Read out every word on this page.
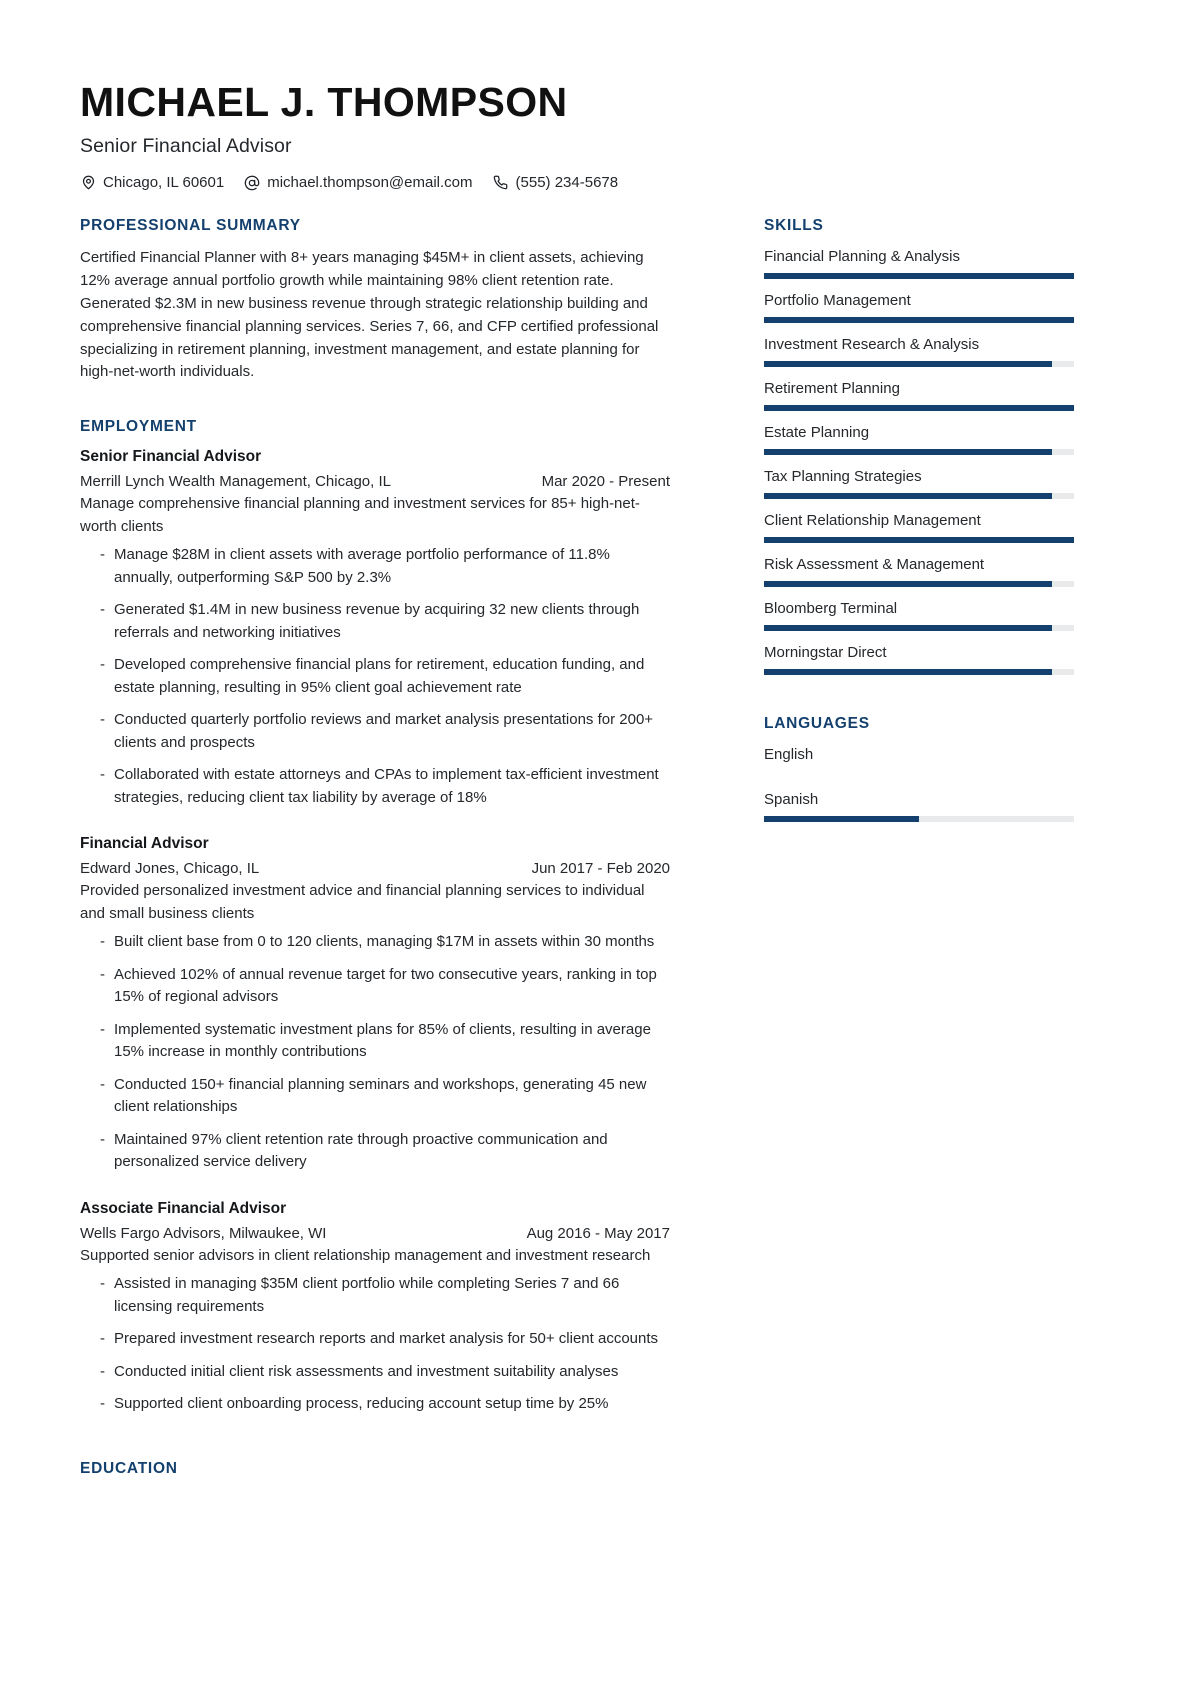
MICHAEL J. THOMPSON
Senior Financial Advisor
Chicago, IL 60601	michael.thompson@email.com	(555) 234-5678
PROFESSIONAL SUMMARY
Certified Financial Planner with 8+ years managing $45M+ in client assets, achieving 12% average annual portfolio growth while maintaining 98% client retention rate. Generated $2.3M in new business revenue through strategic relationship building and comprehensive financial planning services. Series 7, 66, and CFP certified professional specializing in retirement planning, investment management, and estate planning for high-net-worth individuals.
EMPLOYMENT
Senior Financial Advisor
Merrill Lynch Wealth Management, Chicago, IL	Mar 2020 - Present
Manage comprehensive financial planning and investment services for 85+ high-net-worth clients
- Manage $28M in client assets with average portfolio performance of 11.8% annually, outperforming S&P 500 by 2.3%
- Generated $1.4M in new business revenue by acquiring 32 new clients through referrals and networking initiatives
- Developed comprehensive financial plans for retirement, education funding, and estate planning, resulting in 95% client goal achievement rate
- Conducted quarterly portfolio reviews and market analysis presentations for 200+ clients and prospects
- Collaborated with estate attorneys and CPAs to implement tax-efficient investment strategies, reducing client tax liability by average of 18%
Financial Advisor
Edward Jones, Chicago, IL	Jun 2017 - Feb 2020
Provided personalized investment advice and financial planning services to individual and small business clients
- Built client base from 0 to 120 clients, managing $17M in assets within 30 months
- Achieved 102% of annual revenue target for two consecutive years, ranking in top 15% of regional advisors
- Implemented systematic investment plans for 85% of clients, resulting in average 15% increase in monthly contributions
- Conducted 150+ financial planning seminars and workshops, generating 45 new client relationships
- Maintained 97% client retention rate through proactive communication and personalized service delivery
Associate Financial Advisor
Wells Fargo Advisors, Milwaukee, WI	Aug 2016 - May 2017
Supported senior advisors in client relationship management and investment research
- Assisted in managing $35M client portfolio while completing Series 7 and 66 licensing requirements
- Prepared investment research reports and market analysis for 50+ client accounts
- Conducted initial client risk assessments and investment suitability analyses
- Supported client onboarding process, reducing account setup time by 25%
EDUCATION
SKILLS
Financial Planning & Analysis
Portfolio Management
Investment Research & Analysis
Retirement Planning
Estate Planning
Tax Planning Strategies
Client Relationship Management
Risk Assessment & Management
Bloomberg Terminal
Morningstar Direct
LANGUAGES
English
Spanish
